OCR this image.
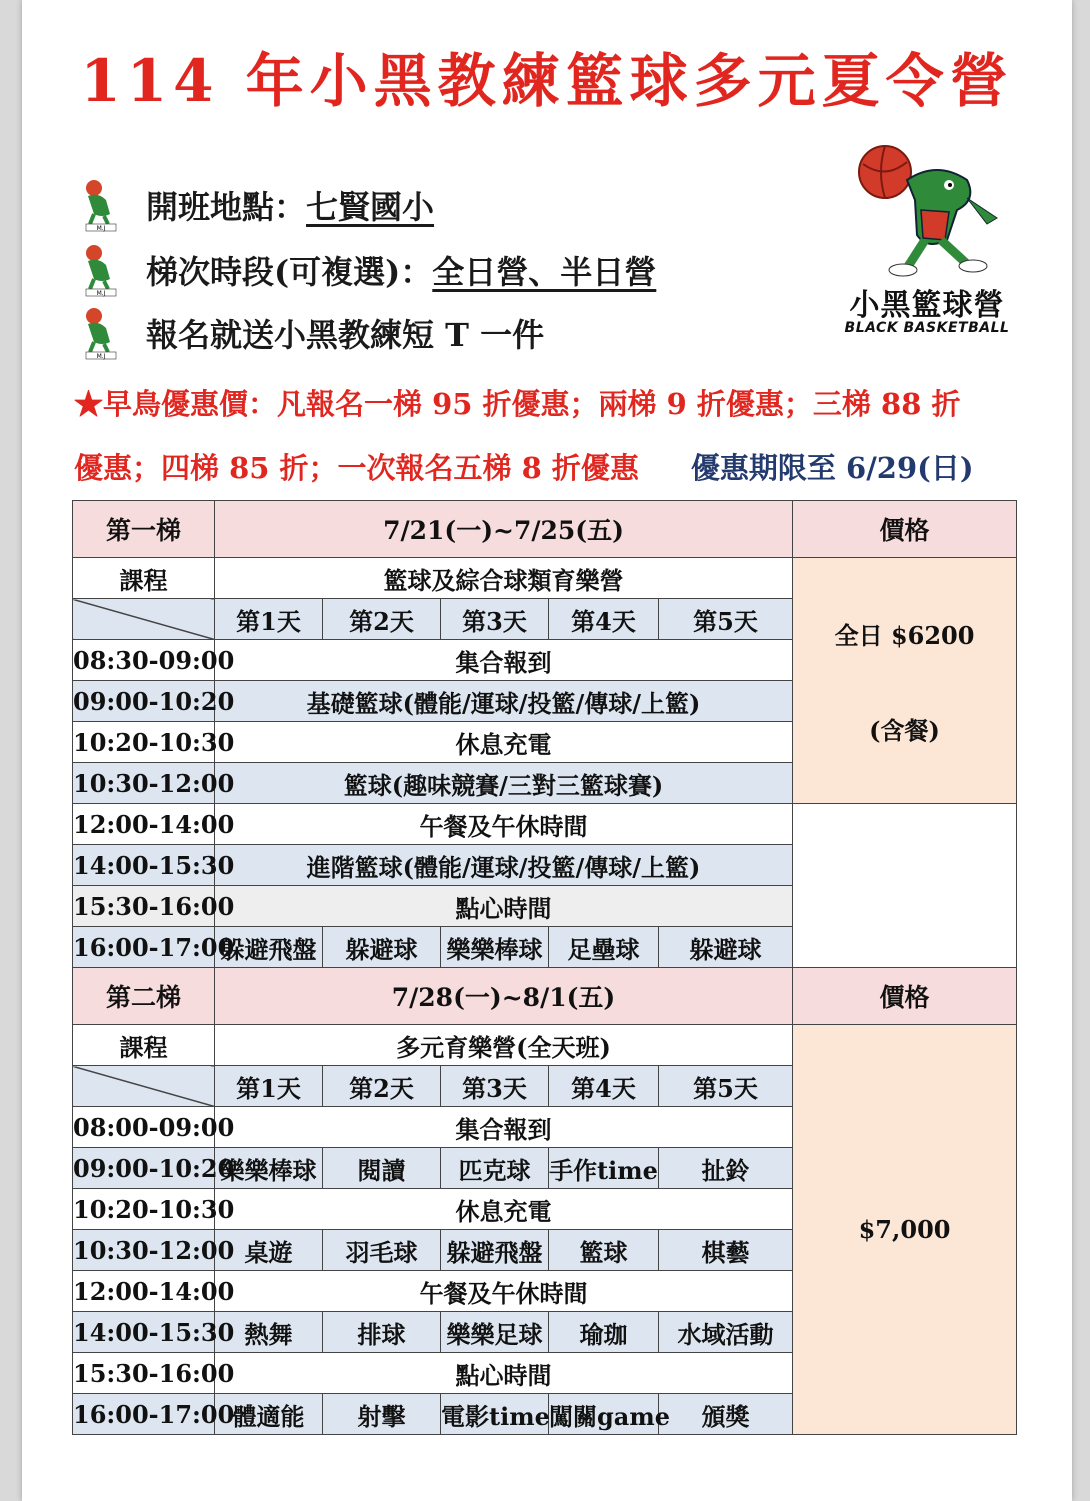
114 年小黑教練籃球多元夏令營
M.J
開班地點：七賢國小
M.J
梯次時段(可複選)：全日營、半日營
M.J
報名就送小黑教練短 T 一件
小黑籃球營
BLACK BASKETBALL
★早鳥優惠價：凡報名一梯 95 折優惠；兩梯 9 折優惠；三梯 88 折
優惠；四梯 85 折；一次報名五梯 8 折優惠 優惠期限至 6/29(日)
第一梯	7/21(一)~7/25(五)					價格	
課程	籃球及綜合球類育樂營					全日 $6200
(含餐)	

	第1天	第2天	第3天	第4天	第5天		
08:30-09:00	集合報到						
09:00-10:20	基礎籃球(體能/運球/投籃/傳球/上籃)						
10:20-10:30	休息充電						
10:30-12:00	籃球(趣味競賽/三對三籃球賽)	

12:00-14:00	午餐及午休時間						
14:00-15:30	進階籃球(體能/運球/投籃/傳球/上籃)						
15:30-16:00	點心時間						
16:00-17:00	躲避飛盤	躲避球	樂樂棒球	足壘球	躲避球		
第二梯	7/28(一)~8/1(五)					價格
課程	多元育樂營(全天班)					$7,000

	第1天	第2天	第3天	第4天	第5天	
08:00-09:00	集合報到					
09:00-10:20	樂樂棒球	閱讀	匹克球	手作time	扯鈴	
10:20-10:30	休息充電					
10:30-12:00	桌遊	羽毛球	躲避飛盤	籃球	棋藝	
12:00-14:00	午餐及午休時間					
14:00-15:30	熱舞	排球	樂樂足球	瑜珈	水域活動	
15:30-16:00	點心時間					
16:00-17:00	體適能	射擊	電影time	闖關game	頒獎	
